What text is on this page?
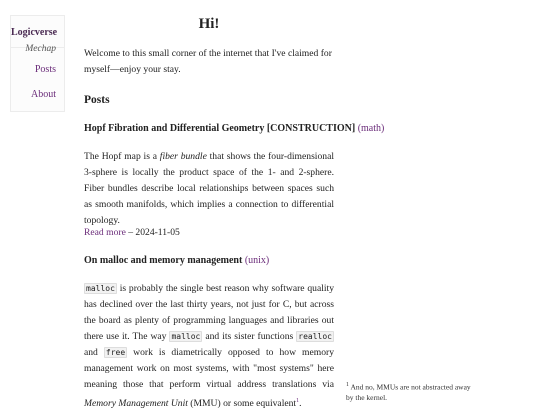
Logicverse
Mechap
Posts
About
Hi!

Welcome to this small corner of the internet that I've claimed for myself—enjoy your stay.

Posts
Hopf Fibration and Differential Geometry [CONSTRUCTION] (math)

The Hopf map is a fiber bundle that shows the four-dimensional 3-sphere is locally the product space of the 1- and 2-sphere. Fiber bundles describe local relationships between spaces such as smooth manifolds, which implies a connection to differential topology.

Read more – 2024-11-05

On malloc and memory management (unix)

malloc is probably the single best reason why software quality has declined over the last thirty years, not just for C, but across the board as plenty of programming languages and libraries out there use it. The way malloc and its sister functions realloc and free work is diametrically opposed to how memory management work on most systems, with "most systems" here meaning those that perform virtual address translations via Memory Management Unit (MMU) or some equivalent$^1$.

$^1$ And no, MMUs are not abstracted away by the kernel.
